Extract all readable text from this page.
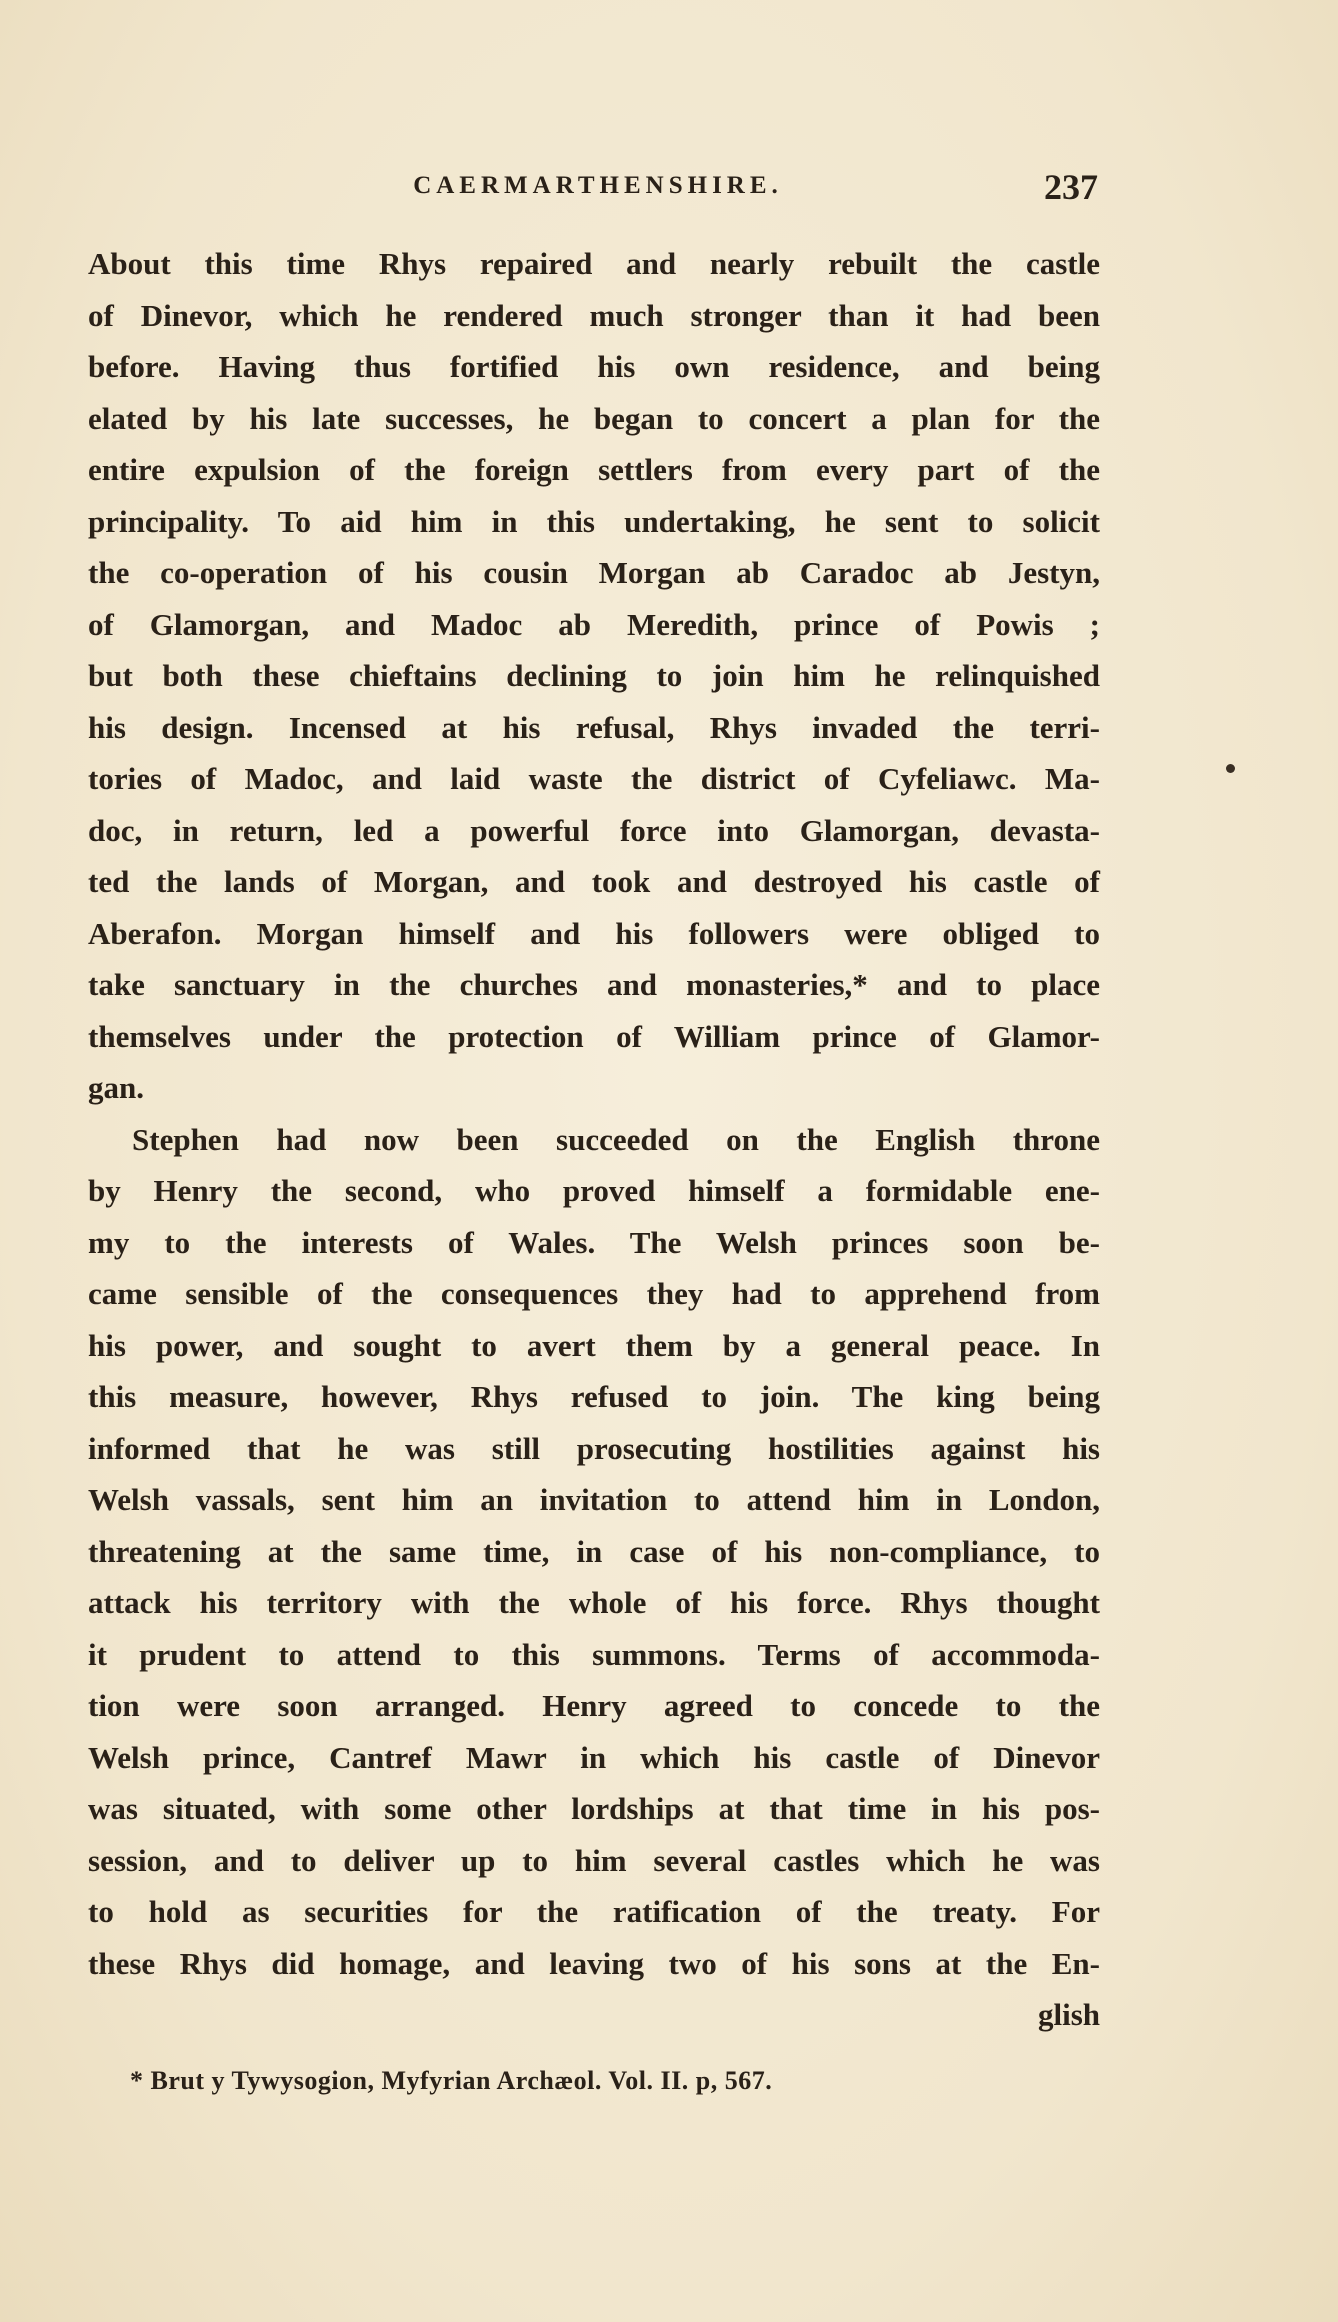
CAERMARTHENSHIRE.	237
About this time Rhys repaired and nearly rebuilt the castle
of Dinevor, which he rendered much stronger than it had been
before. Having thus fortified his own residence, and being
elated by his late successes, he began to concert a plan for the
entire expulsion of the foreign settlers from every part of the
principality. To aid him in this undertaking, he sent to solicit
the co-operation of his cousin Morgan ab Caradoc ab Jestyn,
of Glamorgan, and Madoc ab Meredith, prince of Powis ;
but both these chieftains declining to join him he relinquished
his design. Incensed at his refusal, Rhys invaded the terri-
tories of Madoc, and laid waste the district of Cyfeliawc. Ma-
doc, in return, led a powerful force into Glamorgan, devasta-
ted the lands of Morgan, and took and destroyed his castle of
Aberafon. Morgan himself and his followers were obliged to
take sanctuary in the churches and monasteries,* and to place
themselves under the protection of William prince of Glamor-
gan.
Stephen had now been succeeded on the English throne
by Henry the second, who proved himself a formidable ene-
my to the interests of Wales. The Welsh princes soon be-
came sensible of the consequences they had to apprehend from
his power, and sought to avert them by a general peace. In
this measure, however, Rhys refused to join. The king being
informed that he was still prosecuting hostilities against his
Welsh vassals, sent him an invitation to attend him in London,
threatening at the same time, in case of his non-compliance, to
attack his territory with the whole of his force. Rhys thought
it prudent to attend to this summons. Terms of accommoda-
tion were soon arranged. Henry agreed to concede to the
Welsh prince, Cantref Mawr in which his castle of Dinevor
was situated, with some other lordships at that time in his pos-
session, and to deliver up to him several castles which he was
to hold as securities for the ratification of the treaty. For
these Rhys did homage, and leaving two of his sons at the En-
glish
* Brut y Tywysogion, Myfyrian Archæol. Vol. II. p, 567.
